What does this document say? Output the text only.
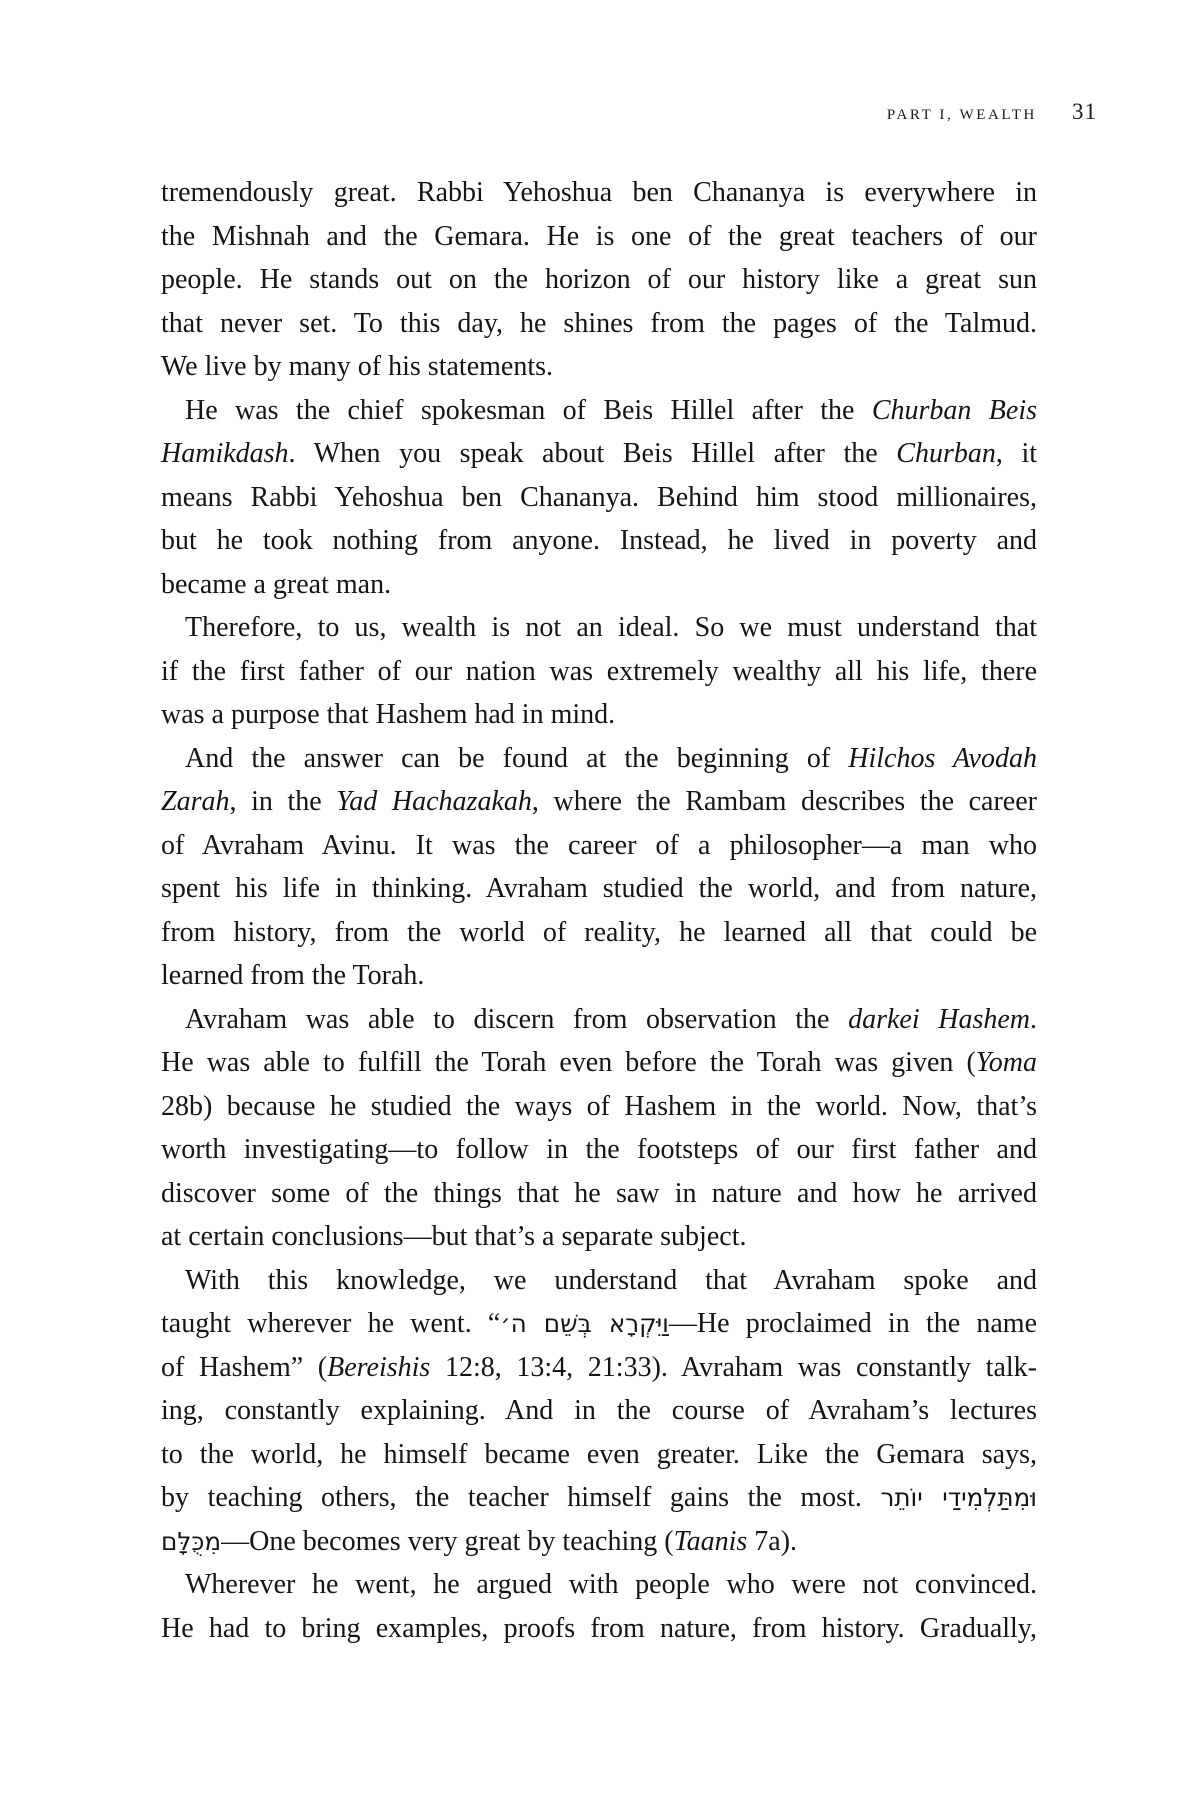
PART I, WEALTH 31
tremendously great. Rabbi Yehoshua ben Chananya is everywhere in
the Mishnah and the Gemara. He is one of the great teachers of our
people. He stands out on the horizon of our history like a great sun
that never set. To this day, he shines from the pages of the Talmud.
We live by many of his statements.
He was the chief spokesman of Beis Hillel after the Churban Beis
Hamikdash. When you speak about Beis Hillel after the Churban, it
means Rabbi Yehoshua ben Chananya. Behind him stood millionaires,
but he took nothing from anyone. Instead, he lived in poverty and
became a great man.
Therefore, to us, wealth is not an ideal. So we must understand that
if the first father of our nation was extremely wealthy all his life, there
was a purpose that Hashem had in mind.
And the answer can be found at the beginning of Hilchos Avodah
Zarah, in the Yad Hachazakah, where the Rambam describes the career
of Avraham Avinu. It was the career of a philosopher—a man who
spent his life in thinking. Avraham studied the world, and from nature,
from history, from the world of reality, he learned all that could be
learned from the Torah.
Avraham was able to discern from observation the darkei Hashem.
He was able to fulfill the Torah even before the Torah was given (Yoma
28b) because he studied the ways of Hashem in the world. Now, that’s
worth investigating—to follow in the footsteps of our first father and
discover some of the things that he saw in nature and how he arrived
at certain conclusions—but that’s a separate subject.
With this knowledge, we understand that Avraham spoke and
taught wherever he went. “וַיִּקְרָא בְּשֵׁם ה׳—He proclaimed in the name
of Hashem” (Bereishis 12:8, 13:4, 21:33). Avraham was constantly talk-
ing, constantly explaining. And in the course of Avraham’s lectures
to the world, he himself became even greater. Like the Gemara says,
by teaching others, the teacher himself gains the most. וּמִתַּלְמִידַי יוֹתֵר
מִכֻּלָּם—One becomes very great by teaching (Taanis 7a).
Wherever he went, he argued with people who were not convinced.
He had to bring examples, proofs from nature, from history. Gradually,
